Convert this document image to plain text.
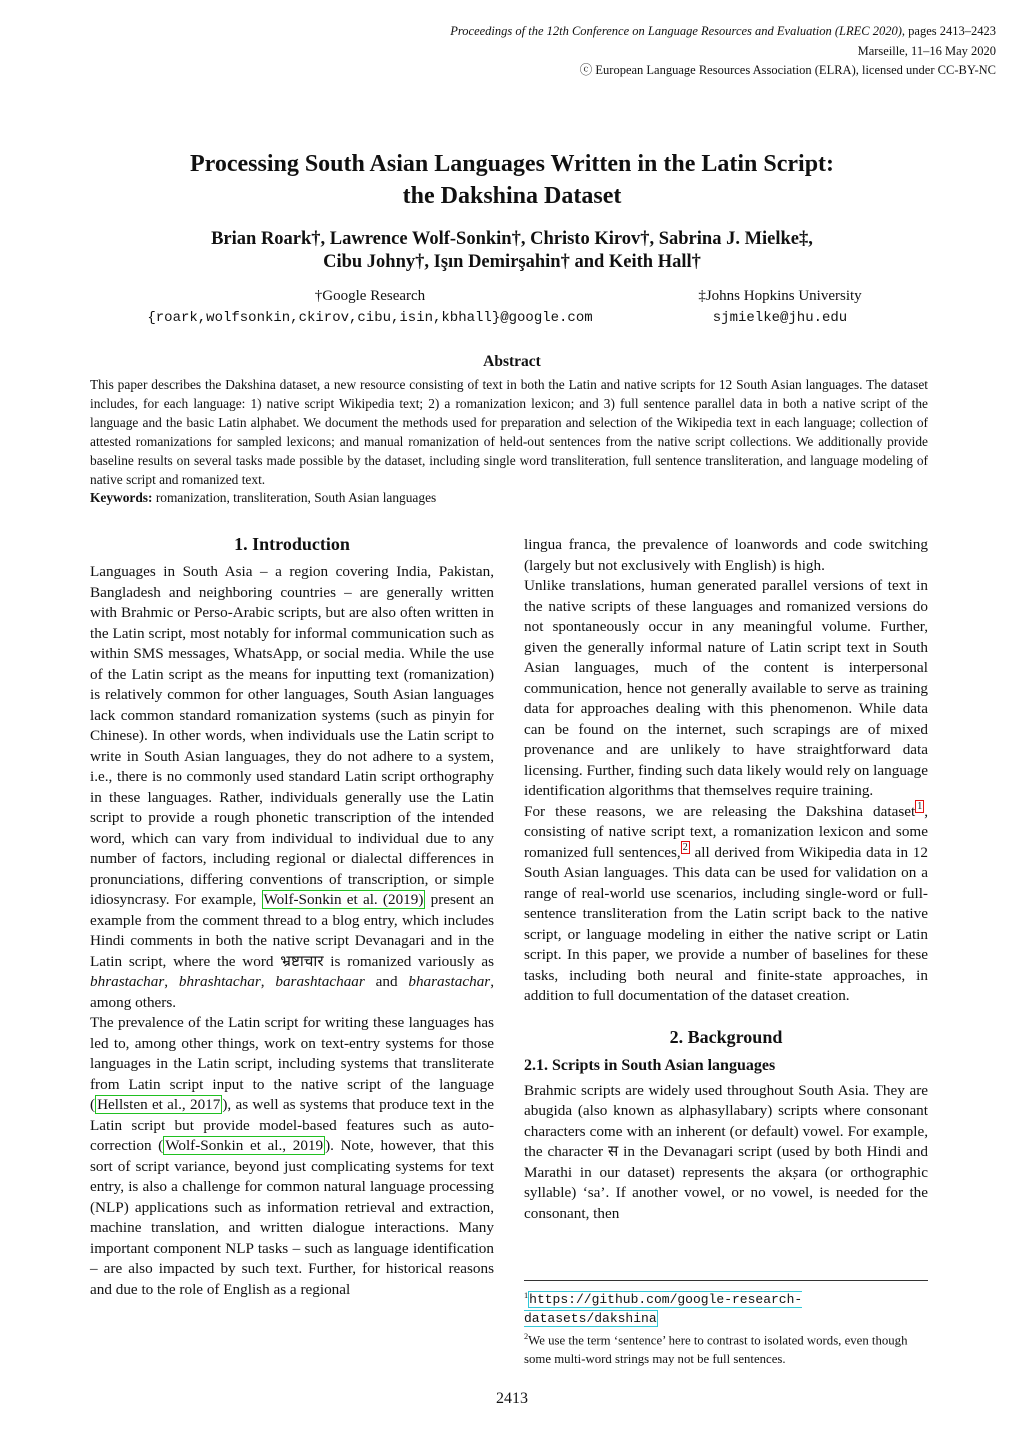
Proceedings of the 12th Conference on Language Resources and Evaluation (LREC 2020), pages 2413–2423
Marseille, 11–16 May 2020
ⓒ European Language Resources Association (ELRA), licensed under CC-BY-NC
Processing South Asian Languages Written in the Latin Script:
the Dakshina Dataset
Brian Roark†, Lawrence Wolf-Sonkin†, Christo Kirov†, Sabrina J. Mielke‡,
Cibu Johny†, Işın Demirşahin† and Keith Hall†
†Google Research
{roark,wolfsonkin,ckirov,cibu,isin,kbhall}@google.com
‡Johns Hopkins University
sjmielke@jhu.edu
Abstract
This paper describes the Dakshina dataset, a new resource consisting of text in both the Latin and native scripts for 12 South Asian languages. The dataset includes, for each language: 1) native script Wikipedia text; 2) a romanization lexicon; and 3) full sentence parallel data in both a native script of the language and the basic Latin alphabet. We document the methods used for preparation and selection of the Wikipedia text in each language; collection of attested romanizations for sampled lexicons; and manual romanization of held-out sentences from the native script collections. We additionally provide baseline results on several tasks made possible by the dataset, including single word transliteration, full sentence transliteration, and language modeling of native script and romanized text.
Keywords: romanization, transliteration, South Asian languages
1. Introduction

Languages in South Asia – a region covering India, Pakistan, Bangladesh and neighboring countries – are generally written with Brahmic or Perso-Arabic scripts, but are also often written in the Latin script, most notably for informal communication such as within SMS messages, WhatsApp, or social media. While the use of the Latin script as the means for inputting text (romanization) is relatively common for other languages, South Asian languages lack common standard romanization systems (such as pinyin for Chinese). In other words, when individuals use the Latin script to write in South Asian languages, they do not adhere to a system, i.e., there is no commonly used standard Latin script orthography in these languages. Rather, individuals generally use the Latin script to provide a rough phonetic transcription of the intended word, which can vary from individual to individual due to any number of factors, including regional or dialectal differences in pronunciations, differing conventions of transcription, or simple idiosyncrasy. For example, Wolf-Sonkin et al. (2019) present an example from the comment thread to a blog entry, which includes Hindi comments in both the native script Devanagari and in the Latin script, where the word भ्रष्टाचार is romanized variously as bhrastachar, bhrashtachar, barashtachaar and bharastachar, among others.

The prevalence of the Latin script for writing these languages has led to, among other things, work on text-entry systems for those languages in the Latin script, including systems that transliterate from Latin script input to the native script of the language ( Hellsten et al., 2017 ), as well as systems that produce text in the Latin script but provide model-based features such as auto-correction ( Wolf-Sonkin et al., 2019 ). Note, however, that this sort of script variance, beyond just complicating systems for text entry, is also a challenge for common natural language processing (NLP) applications such as information retrieval and extraction, machine translation, and written dialogue interactions. Many important component NLP tasks – such as language identification – are also impacted by such text. Further, for historical reasons and due to the role of English as a regional

lingua franca, the prevalence of loanwords and code switching (largely but not exclusively with English) is high.

Unlike translations, human generated parallel versions of text in the native scripts of these languages and romanized versions do not spontaneously occur in any meaningful volume. Further, given the generally informal nature of Latin script text in South Asian languages, much of the content is interpersonal communication, hence not generally available to serve as training data for approaches dealing with this phenomenon. While data can be found on the internet, such scrapings are of mixed provenance and are unlikely to have straightforward data licensing. Further, finding such data likely would rely on language identification algorithms that themselves require training.

For these reasons, we are releasing the Dakshina dataset $^1$ , consisting of native script text, a romanization lexicon and some romanized full sentences, $^2$ all derived from Wikipedia data in 12 South Asian languages. This data can be used for validation on a range of real-world use scenarios, including single-word or full-sentence transliteration from the Latin script back to the native script, or language modeling in either the native script or Latin script. In this paper, we provide a number of baselines for these tasks, including both neural and finite-state approaches, in addition to full documentation of the dataset creation.

2. Background
2.1. Scripts in South Asian languages

Brahmic scripts are widely used throughout South Asia. They are abugida (also known as alphasyllabary) scripts where consonant characters come with an inherent (or default) vowel. For example, the character स in the Devanagari script (used by both Hindi and Marathi in our dataset) represents the akṣara (or orthographic syllable) ‘sa’. If another vowel, or no vowel, is needed for the consonant, then

$^1$https://github.com/google-research-datasets/dakshina

$^2$We use the term ‘sentence’ here to contrast to isolated words, even though some multi-word strings may not be full sentences.

2413
